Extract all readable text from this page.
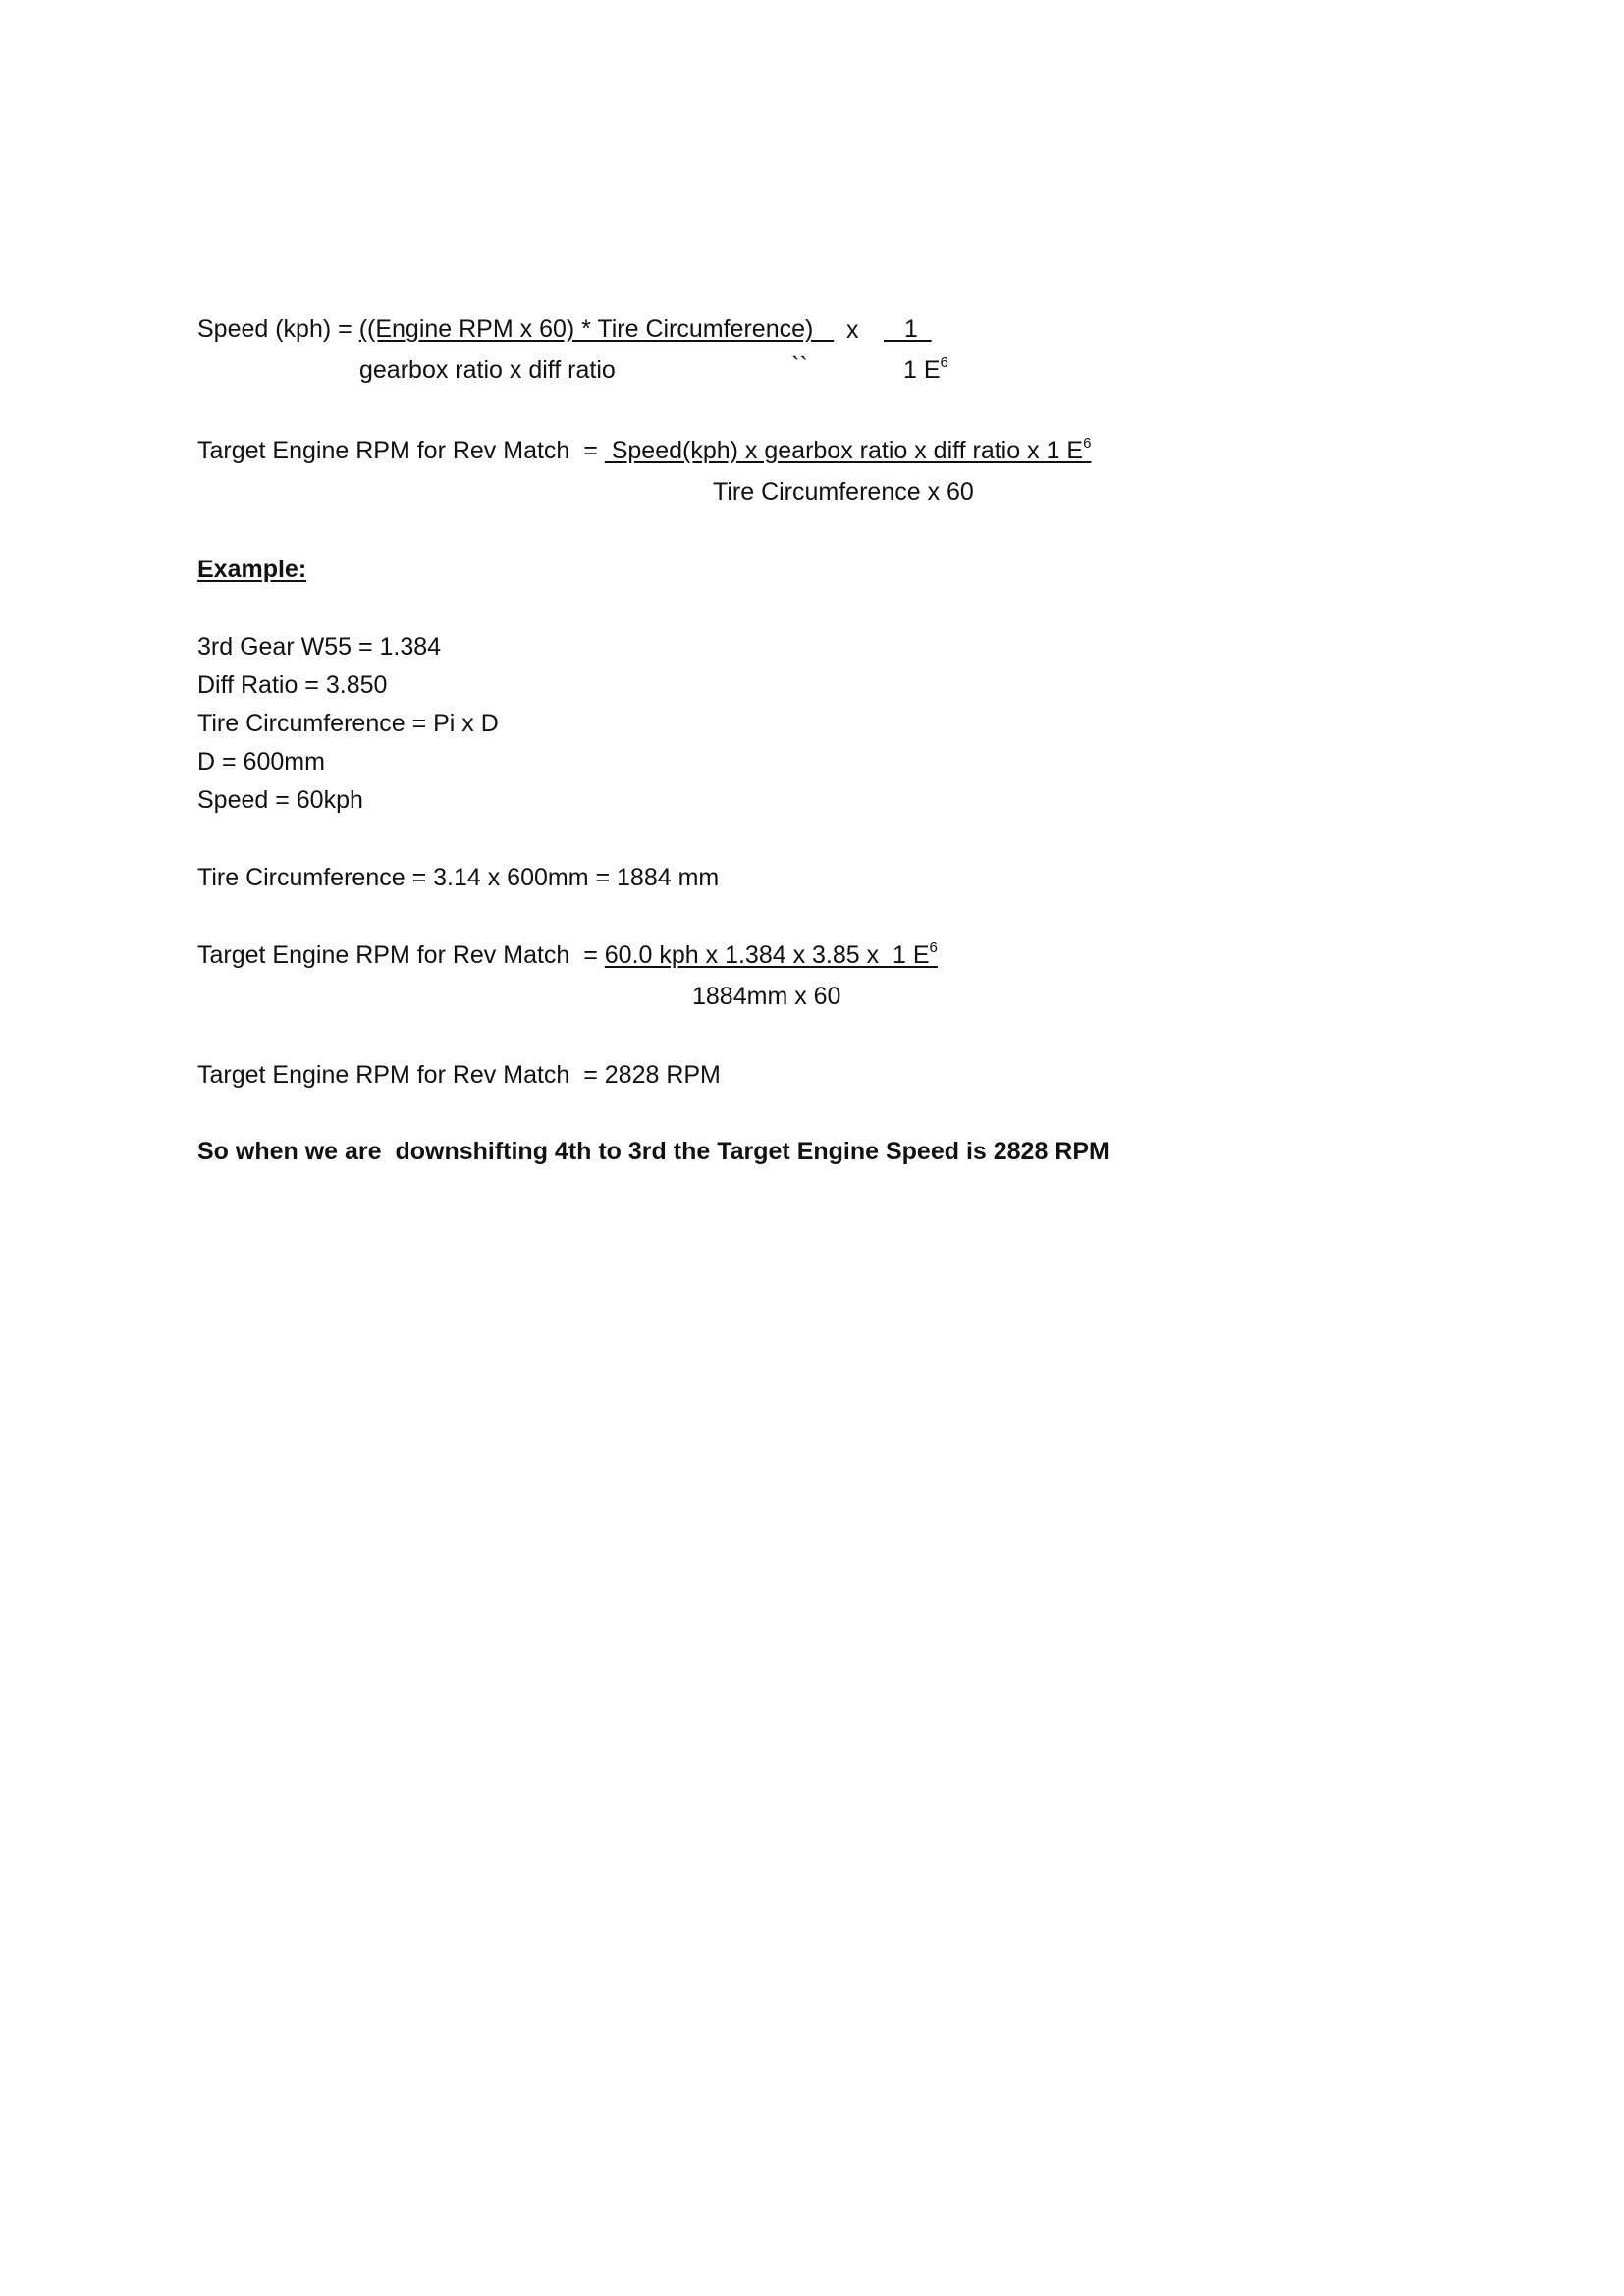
Speed (kph) = ((Engine RPM x 60) * Tire Circumference) x 1
gearbox ratio x diff ratio	``	1 $E^6$
Target Engine RPM for Rev Match  =  Speed(kph) x gearbox ratio x diff ratio x 1 $E^6$
Tire Circumference x 60
Example:
3rd Gear W55 = 1.384
Diff Ratio = 3.850
Tire Circumference = Pi x D
D = 600mm
Speed = 60kph
Tire Circumference = 3.14 x 600mm = 1884 mm
Target Engine RPM for Rev Match  = 60.0 kph x 1.384 x 3.85 x  1 $E^6$
1884mm x 60
Target Engine RPM for Rev Match  = 2828 RPM
So when we are  downshifting 4th to 3rd the Target Engine Speed is 2828 RPM
